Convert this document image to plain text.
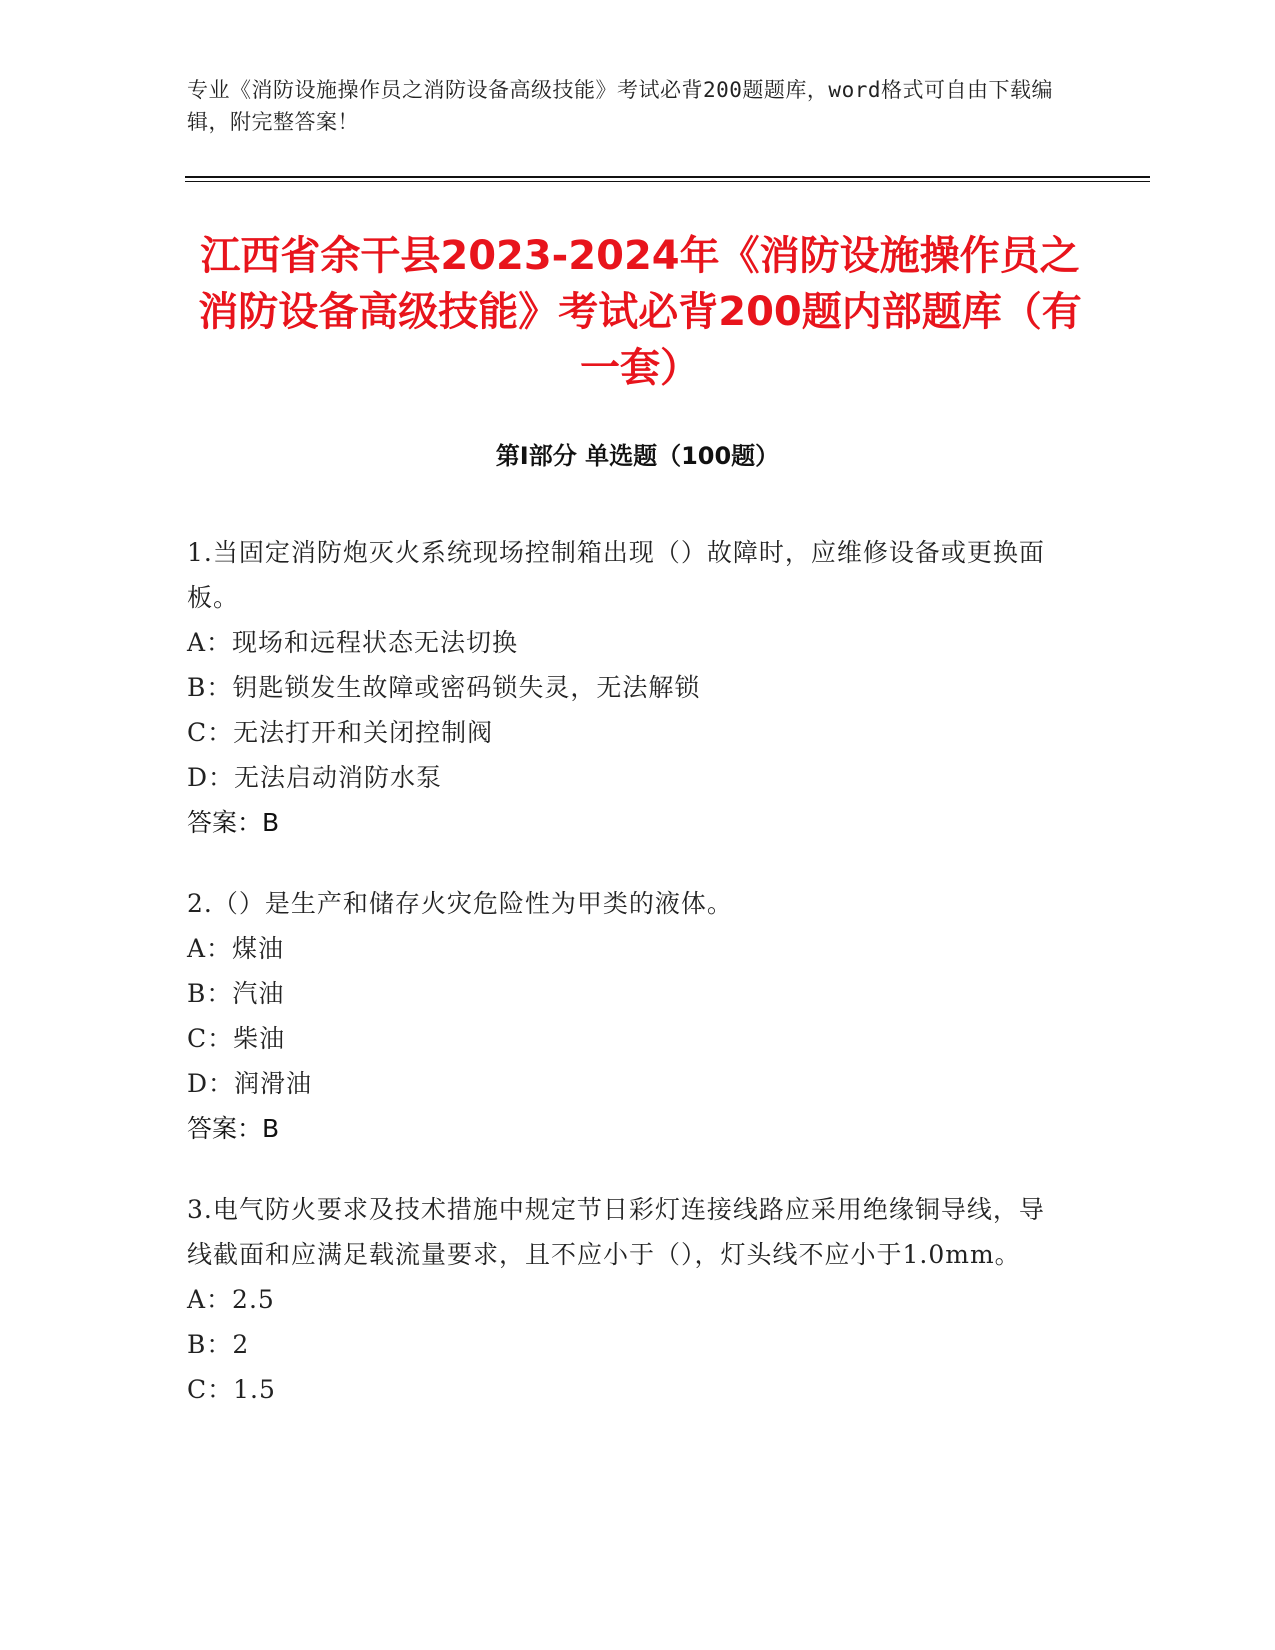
专业《消防设施操作员之消防设备高级技能》考试必背200题题库，word格式可自由下载编辑，附完整答案！
江西省余干县2023-2024年《消防设施操作员之消防设备高级技能》考试必背200题内部题库（有一套）
第I部分 单选题（100题）
1.当固定消防炮灭火系统现场控制箱出现（）故障时，应维修设备或更换面板。
A：现场和远程状态无法切换
B：钥匙锁发生故障或密码锁失灵，无法解锁
C：无法打开和关闭控制阀
D：无法启动消防水泵
答案：B
2.（）是生产和储存火灾危险性为甲类的液体。
A：煤油
B：汽油
C：柴油
D：润滑油
答案：B
3.电气防火要求及技术措施中规定节日彩灯连接线路应采用绝缘铜导线，导线截面和应满足载流量要求，且不应小于（），灯头线不应小于1.0mm。
A：2.5
B：2
C：1.5
